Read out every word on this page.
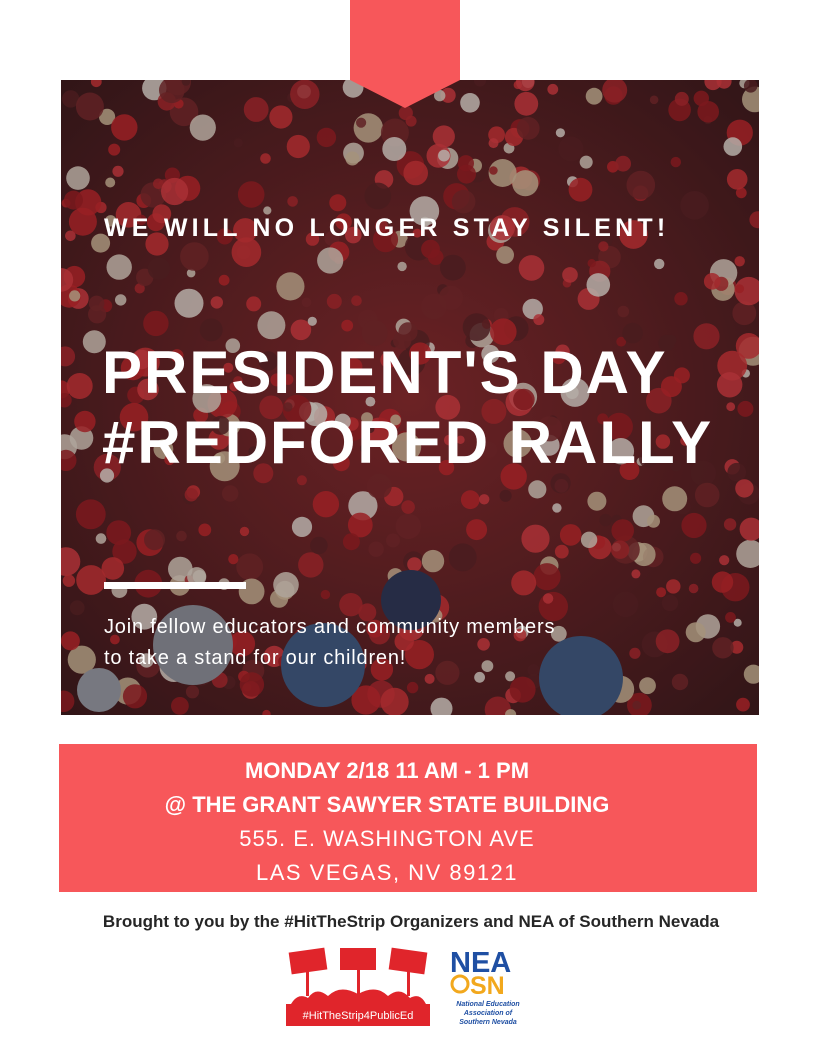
WE WILL NO LONGER STAY SILENT!
PRESIDENT'S DAY
#REDFORED RALLY
Join fellow educators and community members
to take a stand for our children!
MONDAY 2/18 11 AM - 1 PM
@ THE GRANT SAWYER STATE BUILDING
555. E. WASHINGTON AVE
LAS VEGAS, NV 89121
Brought to you by the #HitTheStrip Organizers and NEA of Southern Nevada
#HitTheStrip4PublicEd
NEA
SN
National Education
Association of
Southern Nevada
